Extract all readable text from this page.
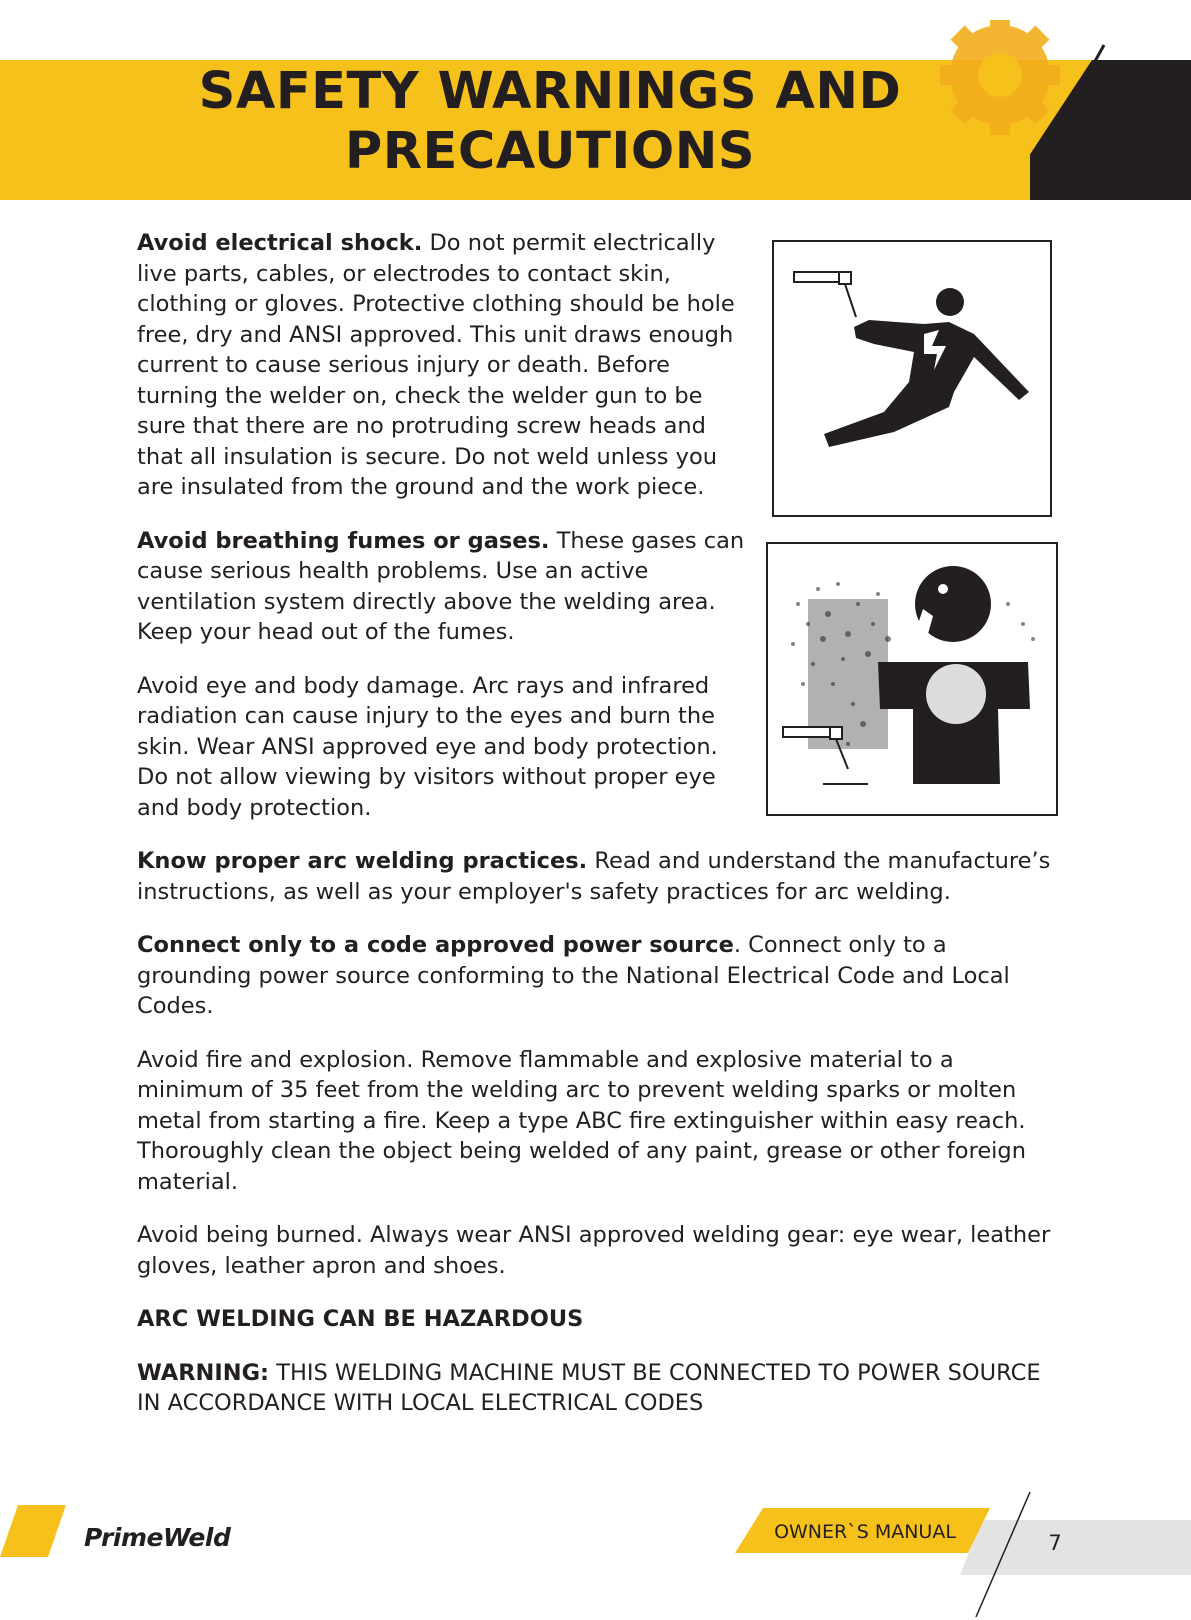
SAFETY WARNINGS AND
PRECAUTIONS

Avoid electrical shock. Do not permit electrically live parts, cables, or electrodes to contact skin, clothing or gloves. Protective clothing should be hole free, dry and ANSI approved. This unit draws enough current to cause serious injury or death. Before turning the welder on, check the welder gun to be sure that there are no protruding screw heads and that all insulation is secure. Do not weld unless you are insulated from the ground and the work piece.

Avoid breathing fumes or gases. These gases can cause serious health problems. Use an active ventilation system directly above the welding area. Keep your head out of the fumes.

Avoid eye and body damage. Arc rays and infrared radiation can cause injury to the eyes and burn the skin. Wear ANSI approved eye and body protection. Do not allow viewing by visitors without proper eye and body protection.

Know proper arc welding practices. Read and understand the manufacture’s instructions, as well as your employer's safety practices for arc welding.

Connect only to a code approved power source. Connect only to a grounding power source conforming to the National Electrical Code and Local Codes.

Avoid fire and explosion. Remove flammable and explosive material to a minimum of 35 feet from the welding arc to prevent welding sparks or molten metal from starting a fire. Keep a type ABC fire extinguisher within easy reach. Thoroughly clean the object being welded of any paint, grease or other foreign material.

Avoid being burned. Always wear ANSI approved welding gear: eye wear, leather gloves, leather apron and shoes.

ARC WELDING CAN BE HAZARDOUS

WARNING: THIS WELDING MACHINE MUST BE CONNECTED TO POWER SOURCE IN ACCORDANCE WITH LOCAL ELECTRICAL CODES

PrimeWeld	OWNER`S MANUAL	7
